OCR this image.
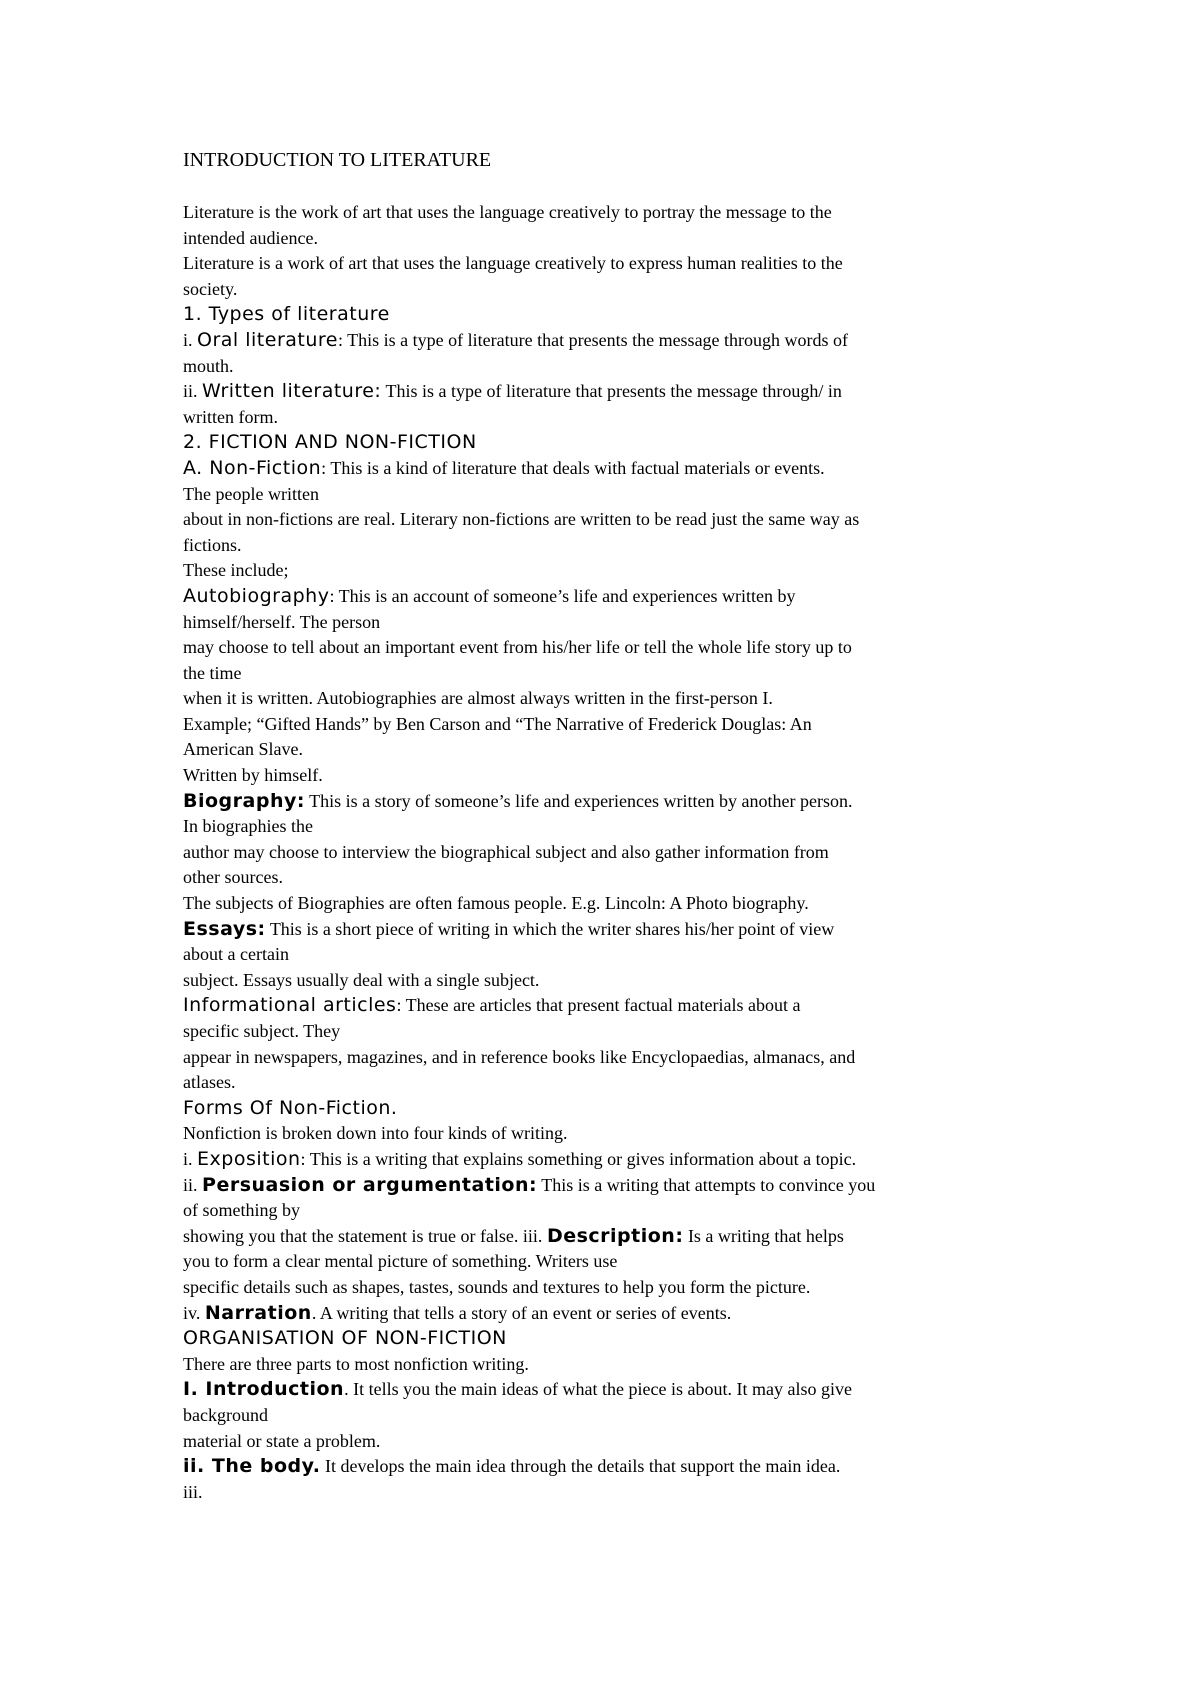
INTRODUCTION TO LITERATURE
Literature is the work of art that uses the language creatively to portray the message to the
intended audience.
Literature is a work of art that uses the language creatively to express human realities to the
society.
1. Types of literature
i. Oral literature: This is a type of literature that presents the message through words of
mouth.
ii. Written literature: This is a type of literature that presents the message through/ in
written form.
2. FICTION AND NON-FICTION
A. Non-Fiction: This is a kind of literature that deals with factual materials or events.
The people written
about in non-fictions are real. Literary non-fictions are written to be read just the same way as
fictions.
These include;
Autobiography: This is an account of someone’s life and experiences written by
himself/herself. The person
may choose to tell about an important event from his/her life or tell the whole life story up to
the time
when it is written. Autobiographies are almost always written in the first-person I.
Example; “Gifted Hands” by Ben Carson and “The Narrative of Frederick Douglas: An
American Slave.
Written by himself.
Biography: This is a story of someone’s life and experiences written by another person.
In biographies the
author may choose to interview the biographical subject and also gather information from
other sources.
The subjects of Biographies are often famous people. E.g. Lincoln: A Photo biography.
Essays: This is a short piece of writing in which the writer shares his/her point of view
about a certain
subject. Essays usually deal with a single subject.
Informational articles: These are articles that present factual materials about a
specific subject. They
appear in newspapers, magazines, and in reference books like Encyclopaedias, almanacs, and
atlases.
Forms Of Non-Fiction.
Nonfiction is broken down into four kinds of writing.
i. Exposition: This is a writing that explains something or gives information about a topic.
ii. Persuasion or argumentation: This is a writing that attempts to convince you
of something by
showing you that the statement is true or false. iii. Description: Is a writing that helps
you to form a clear mental picture of something. Writers use
specific details such as shapes, tastes, sounds and textures to help you form the picture.
iv. Narration. A writing that tells a story of an event or series of events.
ORGANISATION OF NON-FICTION
There are three parts to most nonfiction writing.
I. Introduction. It tells you the main ideas of what the piece is about. It may also give
background
material or state a problem.
ii. The body. It develops the main idea through the details that support the main idea.
iii.
